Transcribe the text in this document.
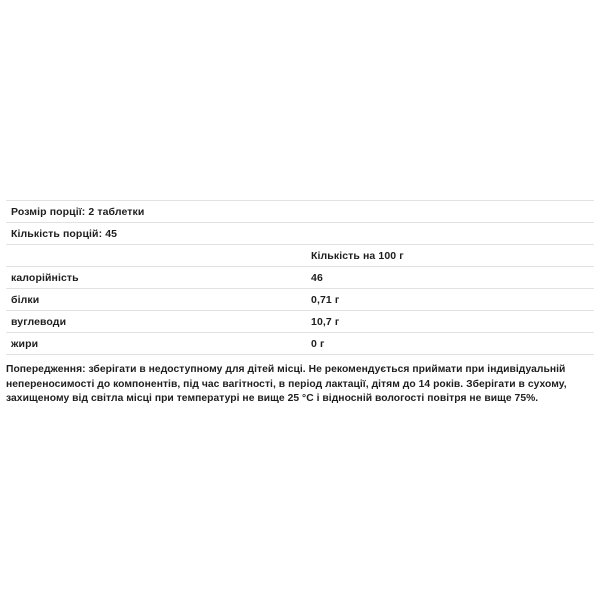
Розмір порції: 2 таблетки	
Кількість порцій: 45	
	Кількість на 100 г
калорійність	46
білки	0,71 г
вуглеводи	10,7 г
жири	0 г

Попередження: зберігати в недоступному для дітей місці. Не рекомендується приймати при індивідуальній непереносимості до компонентів, під час вагітності, в період лактації, дітям до 14 років. Зберігати в сухому, захищеному від світла місці при температурі не вище 25 °С і відносній вологості повітря не вище 75%.
